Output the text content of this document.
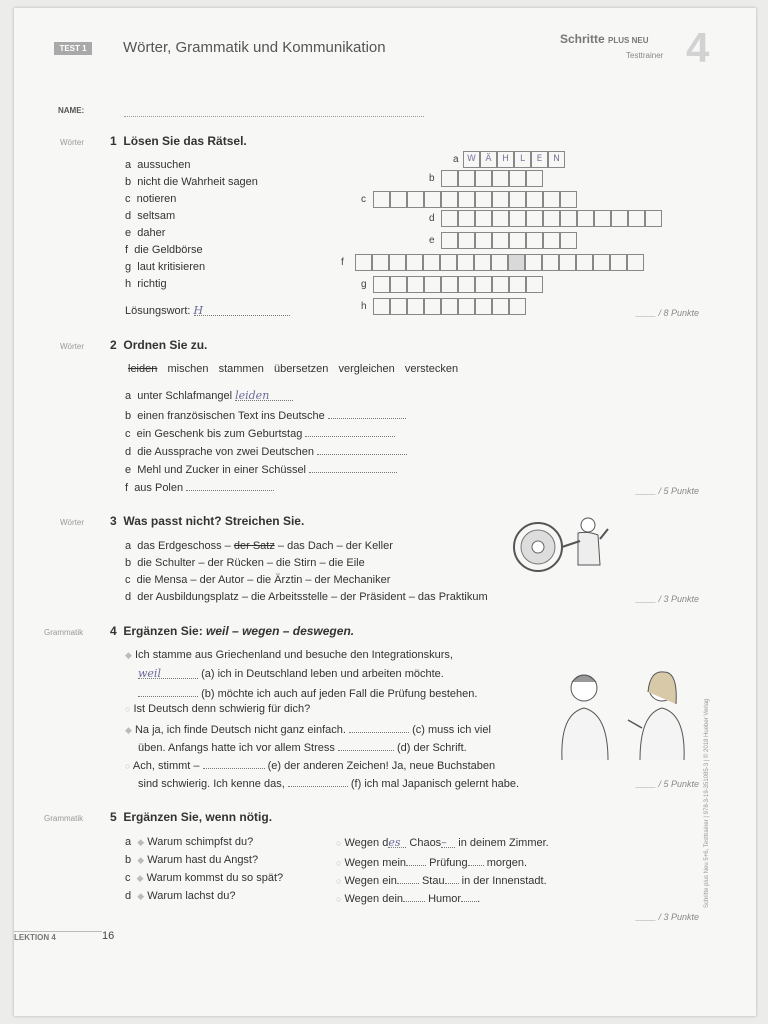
TEST 1	Wörter, Grammatik und Kommunikation	Schritte PLUS NEU
Testtrainer 4
NAME:
Wörter 1 Lösen Sie das Rätsel.
a aussuchen
b nicht die Wahrheit sagen
c notieren
d seltsam
e daher
f die Geldbörse
g laut kritisieren
h richtig
Lösungswort: H
a W	Ä	H	L	E	N
b
c
d
e
f
g
h
____ / 8 Punkte
Wörter 2 Ordnen Sie zu.
leiden mischen stammen übersetzen vergleichen verstecken
a unter Schlafmangel leiden
b einen französischen Text ins Deutsche
c ein Geschenk bis zum Geburtstag
d die Aussprache von zwei Deutschen
e Mehl und Zucker in einer Schüssel
f aus Polen	____ / 5 Punkte
Wörter 3 Was passt nicht? Streichen Sie.
a das Erdgeschoss – der Satz – das Dach – der Keller
b die Schulter – der Rücken – die Stirn – die Eile
c die Mensa – der Autor – die Ärztin – der Mechaniker
d der Ausbildungsplatz – die Arbeitsstelle – der Präsident – das Praktikum	____ / 3 Punkte
Grammatik 4 Ergänzen Sie: weil – wegen – deswegen.
◆ Ich stamme aus Griechenland und besuche den Integrationskurs,
weil	(a) ich in Deutschland leben und arbeiten möchte.
(b) möchte ich auch auf jeden Fall die Prüfung bestehen.
○ Ist Deutsch denn schwierig für dich?
◆ Na ja, ich finde Deutsch nicht ganz einfach.	(c) muss ich viel
üben. Anfangs hatte ich vor allem Stress	(d) der Schrift.
○ Ach, stimmt –	(e) der anderen Zeichen! Ja, neue Buchstaben
sind schwierig. Ich kenne das,	(f) ich mal Japanisch gelernt habe.	____ / 5 Punkte
Grammatik 5 Ergänzen Sie, wenn nötig.
a ◆ Warum schimpfst du?
b ◆ Warum hast du Angst?
c ◆ Warum kommst du so spät?
d ◆ Warum lachst du?
○ Wegen des Chaos– in deinem Zimmer.
○ Wegen mein Prüfung morgen.
○ Wegen ein Stau in der Innenstadt.
○ Wegen dein Humor .
____ / 3 Punkte
LEKTION 4	16
Schritte plus Neu 5+6, Testtrainer | 978-3-19-351085-3 | © 2018 Hueber Verlag
